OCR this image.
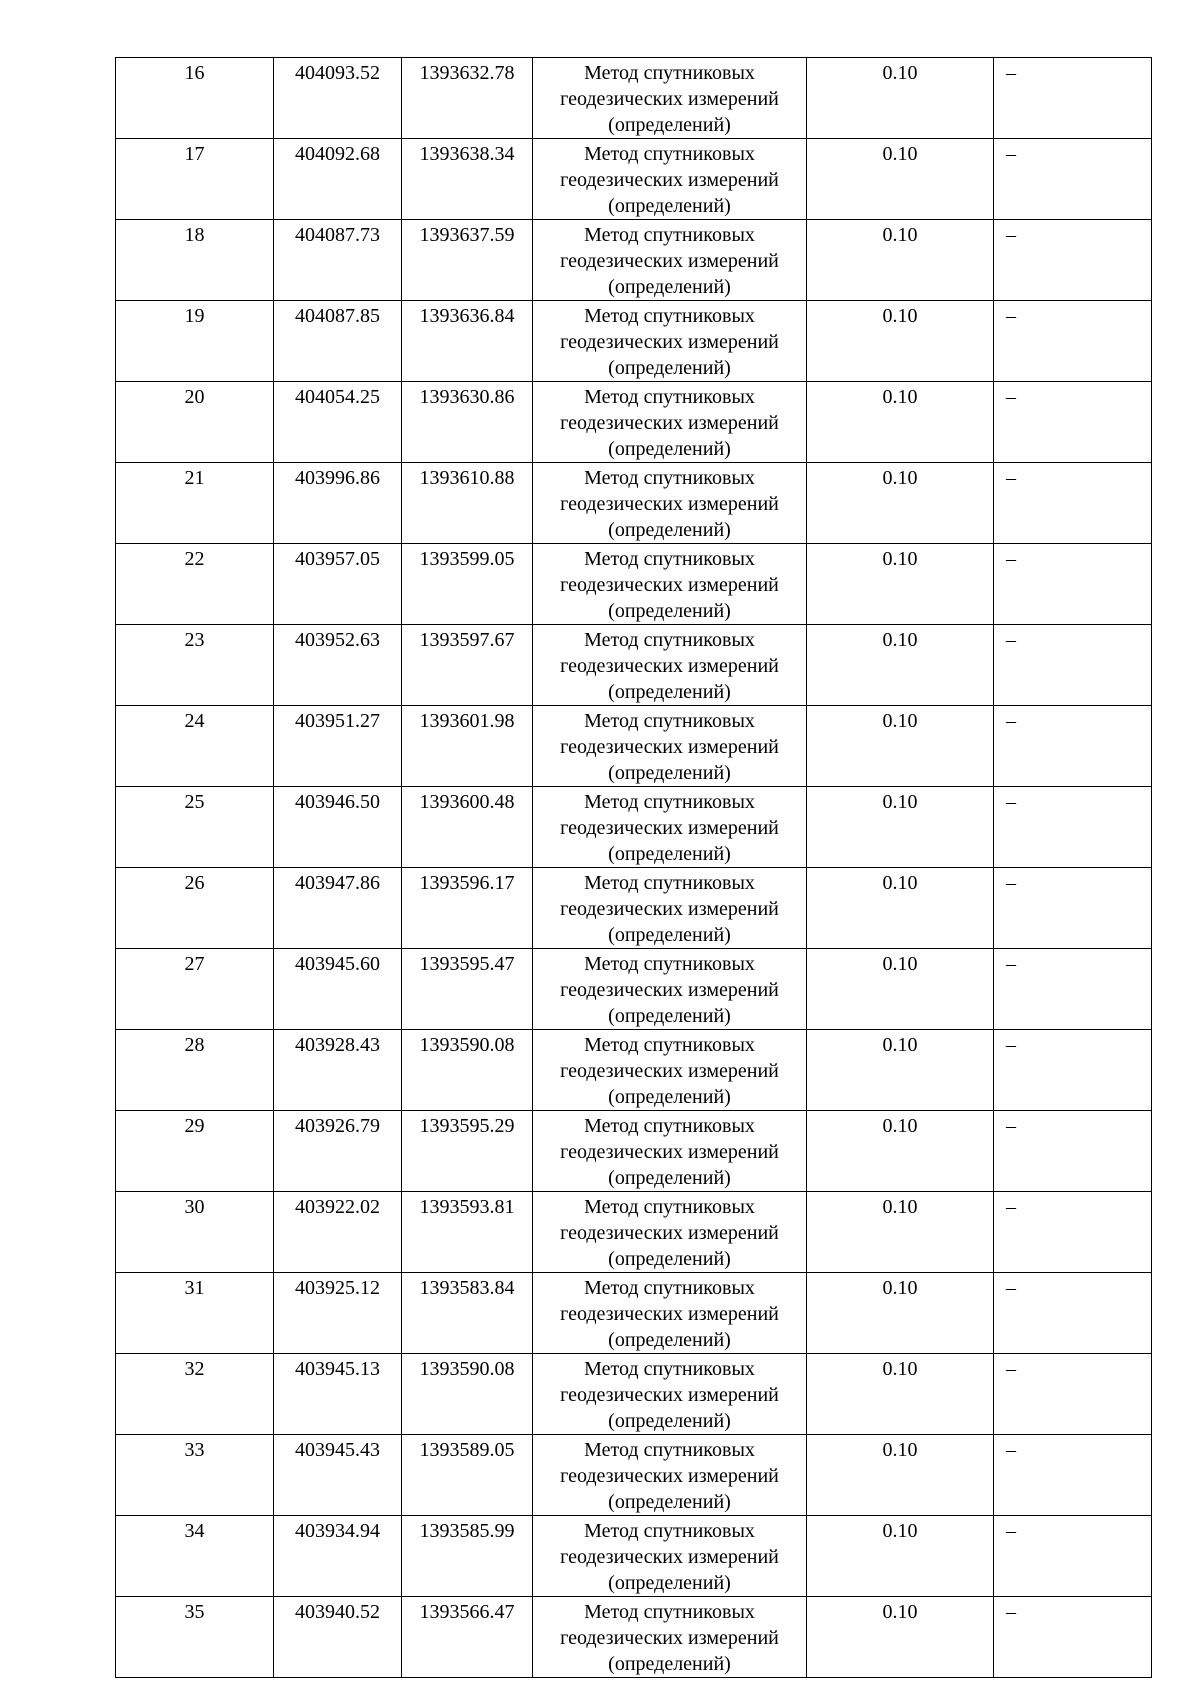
16	404093.52	1393632.78	Метод спутниковых геодезических измерений (определений)	0.10	–
17	404092.68	1393638.34	Метод спутниковых геодезических измерений (определений)	0.10	–
18	404087.73	1393637.59	Метод спутниковых геодезических измерений (определений)	0.10	–
19	404087.85	1393636.84	Метод спутниковых геодезических измерений (определений)	0.10	–
20	404054.25	1393630.86	Метод спутниковых геодезических измерений (определений)	0.10	–
21	403996.86	1393610.88	Метод спутниковых геодезических измерений (определений)	0.10	–
22	403957.05	1393599.05	Метод спутниковых геодезических измерений (определений)	0.10	–
23	403952.63	1393597.67	Метод спутниковых геодезических измерений (определений)	0.10	–
24	403951.27	1393601.98	Метод спутниковых геодезических измерений (определений)	0.10	–
25	403946.50	1393600.48	Метод спутниковых геодезических измерений (определений)	0.10	–
26	403947.86	1393596.17	Метод спутниковых геодезических измерений (определений)	0.10	–
27	403945.60	1393595.47	Метод спутниковых геодезических измерений (определений)	0.10	–
28	403928.43	1393590.08	Метод спутниковых геодезических измерений (определений)	0.10	–
29	403926.79	1393595.29	Метод спутниковых геодезических измерений (определений)	0.10	–
30	403922.02	1393593.81	Метод спутниковых геодезических измерений (определений)	0.10	–
31	403925.12	1393583.84	Метод спутниковых геодезических измерений (определений)	0.10	–
32	403945.13	1393590.08	Метод спутниковых геодезических измерений (определений)	0.10	–
33	403945.43	1393589.05	Метод спутниковых геодезических измерений (определений)	0.10	–
34	403934.94	1393585.99	Метод спутниковых геодезических измерений (определений)	0.10	–
35	403940.52	1393566.47	Метод спутниковых геодезических измерений (определений)	0.10	–
